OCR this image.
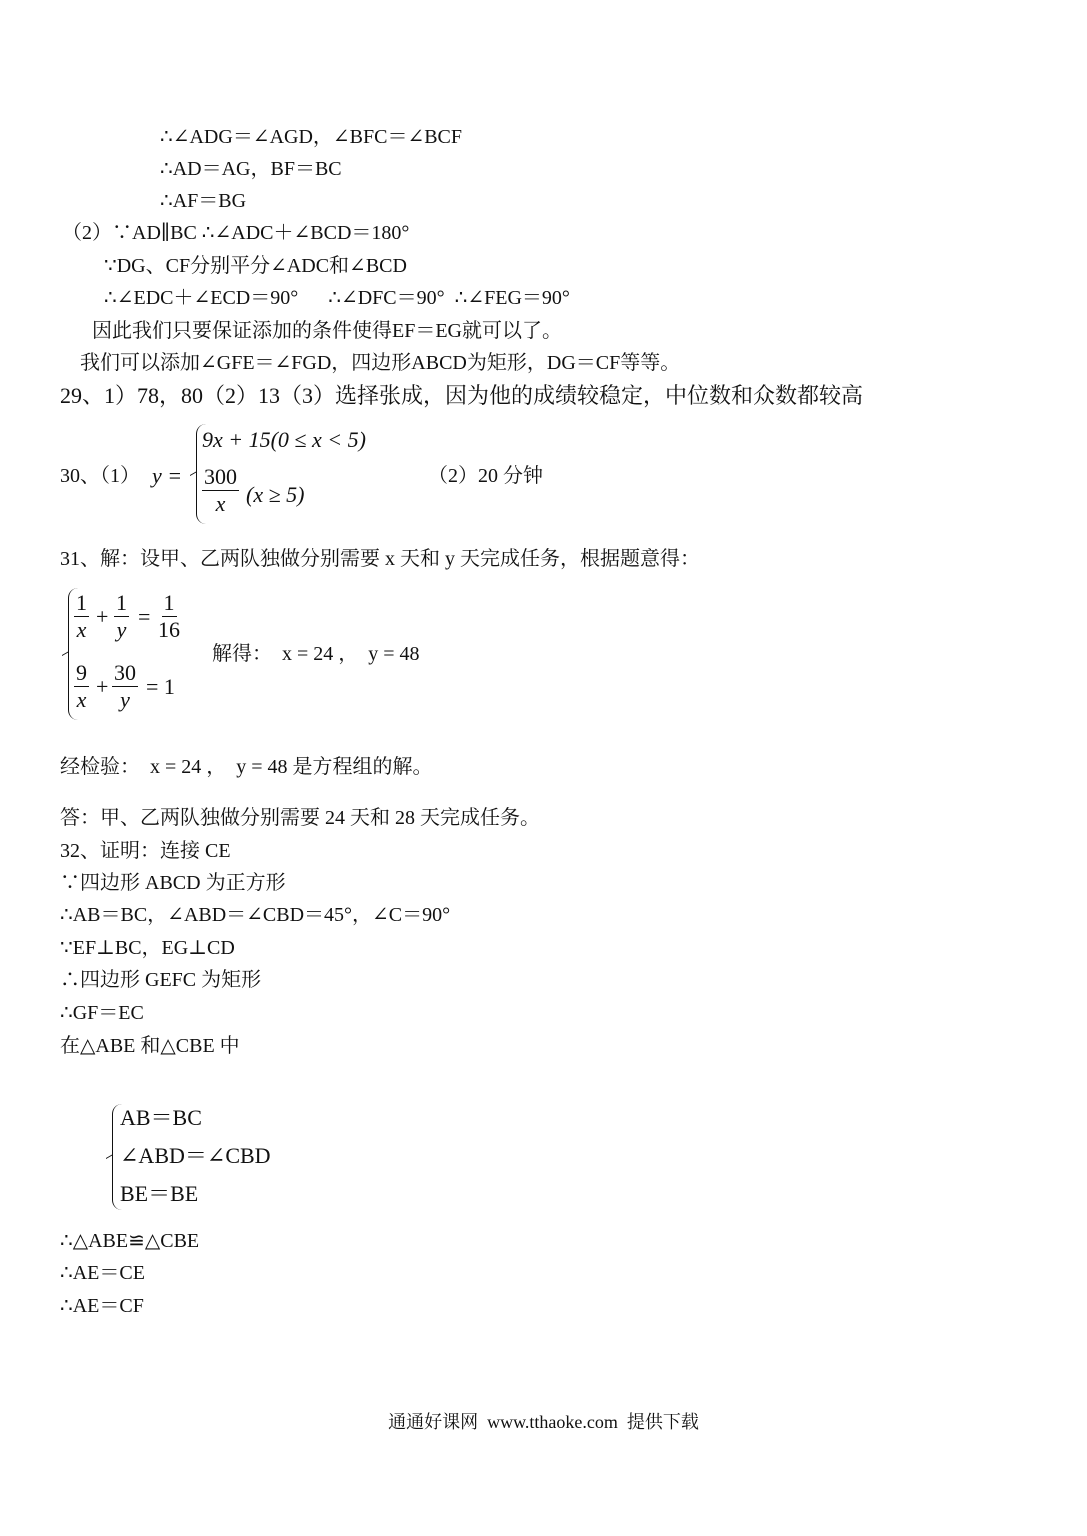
∴∠ADG＝∠AGD，∠BFC＝∠BCF
∴AD＝AG，BF＝BC
∴AF＝BG
（2）∵AD∥BC ∴∠ADC＋∠BCD＝180°
∵DG、CF分别平分∠ADC和∠BCD
∴∠EDC＋∠ECD＝90°      ∴∠DFC＝90°  ∴∠FEG＝90°
因此我们只要保证添加的条件使得EF＝EG就可以了。
我们可以添加∠GFE＝∠FGD，四边形ABCD为矩形，DG＝CF等等。
29、1）78，80（2）13（3）选择张成，因为他的成绩较稳定，中位数和众数都较高
30、（1） y =
9x + 15(0 ≤ x < 5)
$\frac{300}{x} (x \ge 5)$
（2）20 分钟
31、解：设甲、乙两队独做分别需要 x 天和 y 天完成任务，根据题意得：
$\frac{1}{x} + \frac{1}{y} = \frac{1}{16}$
$\frac{9}{x} + \frac{30}{y} = 1$
解得：  x = 24 ，  y = 48
经检验：  x = 24 ，  y = 48 是方程组的解。
答：甲、乙两队独做分别需要 24 天和 28 天完成任务。
32、证明：连接 CE
∵四边形 ABCD 为正方形
∴AB＝BC，∠ABD＝∠CBD＝45°，∠C＝90°
∵EF⊥BC，EG⊥CD
∴四边形 GEFC 为矩形
∴GF＝EC
在△ABE 和△CBE 中
AB＝BC
∠ABD＝∠CBD
BE＝BE
∴△ABE≌△CBE
∴AE＝CE
∴AE＝CF
通通好课网  www.tthaoke.com  提供下载
